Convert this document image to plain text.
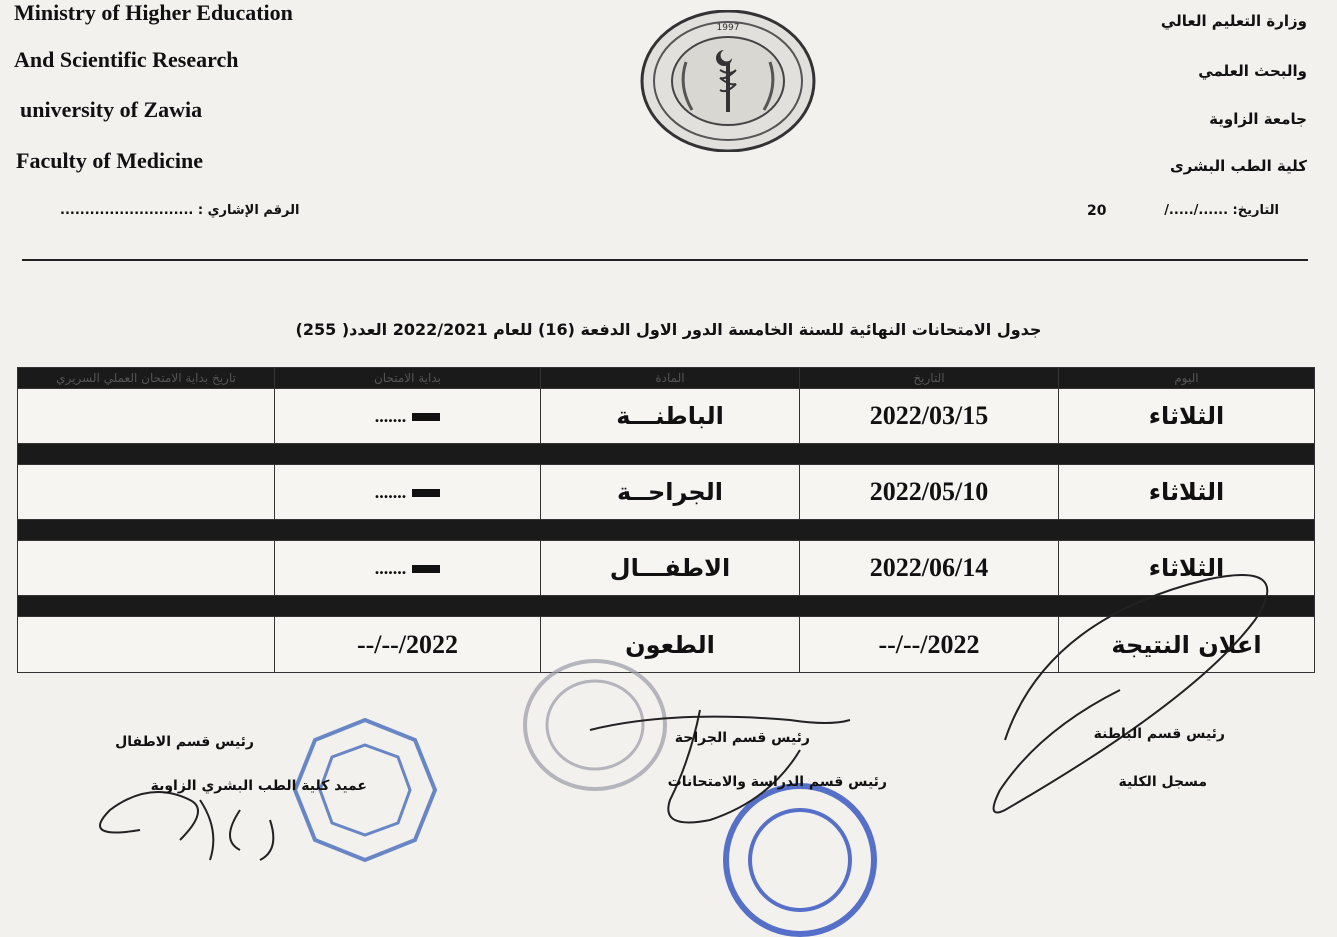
Ministry of Higher Education
And Scientific Research
university of Zawia
Faculty of Medicine
وزارة التعليم العالي
والبحث العلمي
جامعة الزاوية
كلية الطب البشرى
الرقم الإشاري : ...........................	20	التاريخ: ....../...../
1997
جدول الامتحانات النهائية للسنة الخامسة الدور الاول الدفعة (16) للعام 2022/2021 العدد( 255)
اليوم	التاريخ	المادة	بداية الامتحان	تاريخ بداية الامتحان العملي السريري
الثلاثاء	2022/03/15	الباطنـــة	.......	

الثلاثاء	2022/05/10	الجراحــة	.......	

الثلاثاء	2022/06/14	الاطفـــال	.......	

اعلان النتيجة	2022/--/--	الطعون	2022/--/--	
رئيس قسم الباطنة
مسجل الكلية
رئيس قسم الجراحة
رئيس قسم الدراسة والامتحانات
رئيس قسم الاطفال
عميد كلية الطب البشري الزاوية
